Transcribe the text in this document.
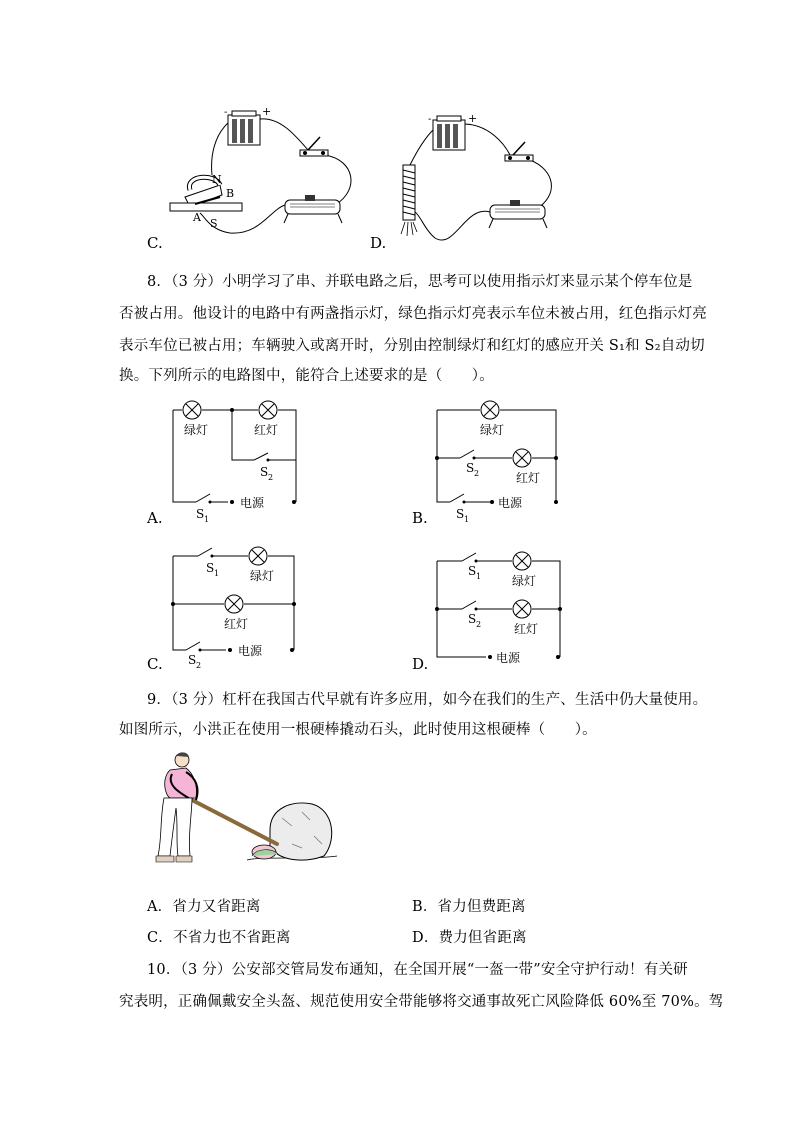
C.	D.
-	+
N
S
A
B
-	+
8．（3 分）小明学习了串、并联电路之后，思考可以使用指示灯来显示某个停车位是
否被占用。他设计的电路中有两盏指示灯，绿色指示灯亮表示车位未被占用，红色指示灯亮
表示车位已被占用；车辆驶入或离开时，分别由控制绿灯和红灯的感应开关 S₁和 S₂自动切
换。下列所示的电路图中，能符合上述要求的是（　　）。
A.
绿灯	红灯
S 2
电源
S 1	B.
绿灯
S 2	红灯
电源
S 1
C.
S 1	绿灯
红灯
电源
S 2	D.
S 1	绿灯
S 2	红灯
电源
9．（3 分）杠杆在我国古代早就有许多应用，如今在我们的生产、生活中仍大量使用。
如图所示，小洪正在使用一根硬棒撬动石头，此时使用这根硬棒（　　）。
A．省力又省距离	B．省力但费距离
C．不省力也不省距离	D．费力但省距离
10．（3 分）公安部交管局发布通知，在全国开展“一盔一带”安全守护行动！有关研
究表明，正确佩戴安全头盔、规范使用安全带能够将交通事故死亡风险降低 60%至 70%。驾
